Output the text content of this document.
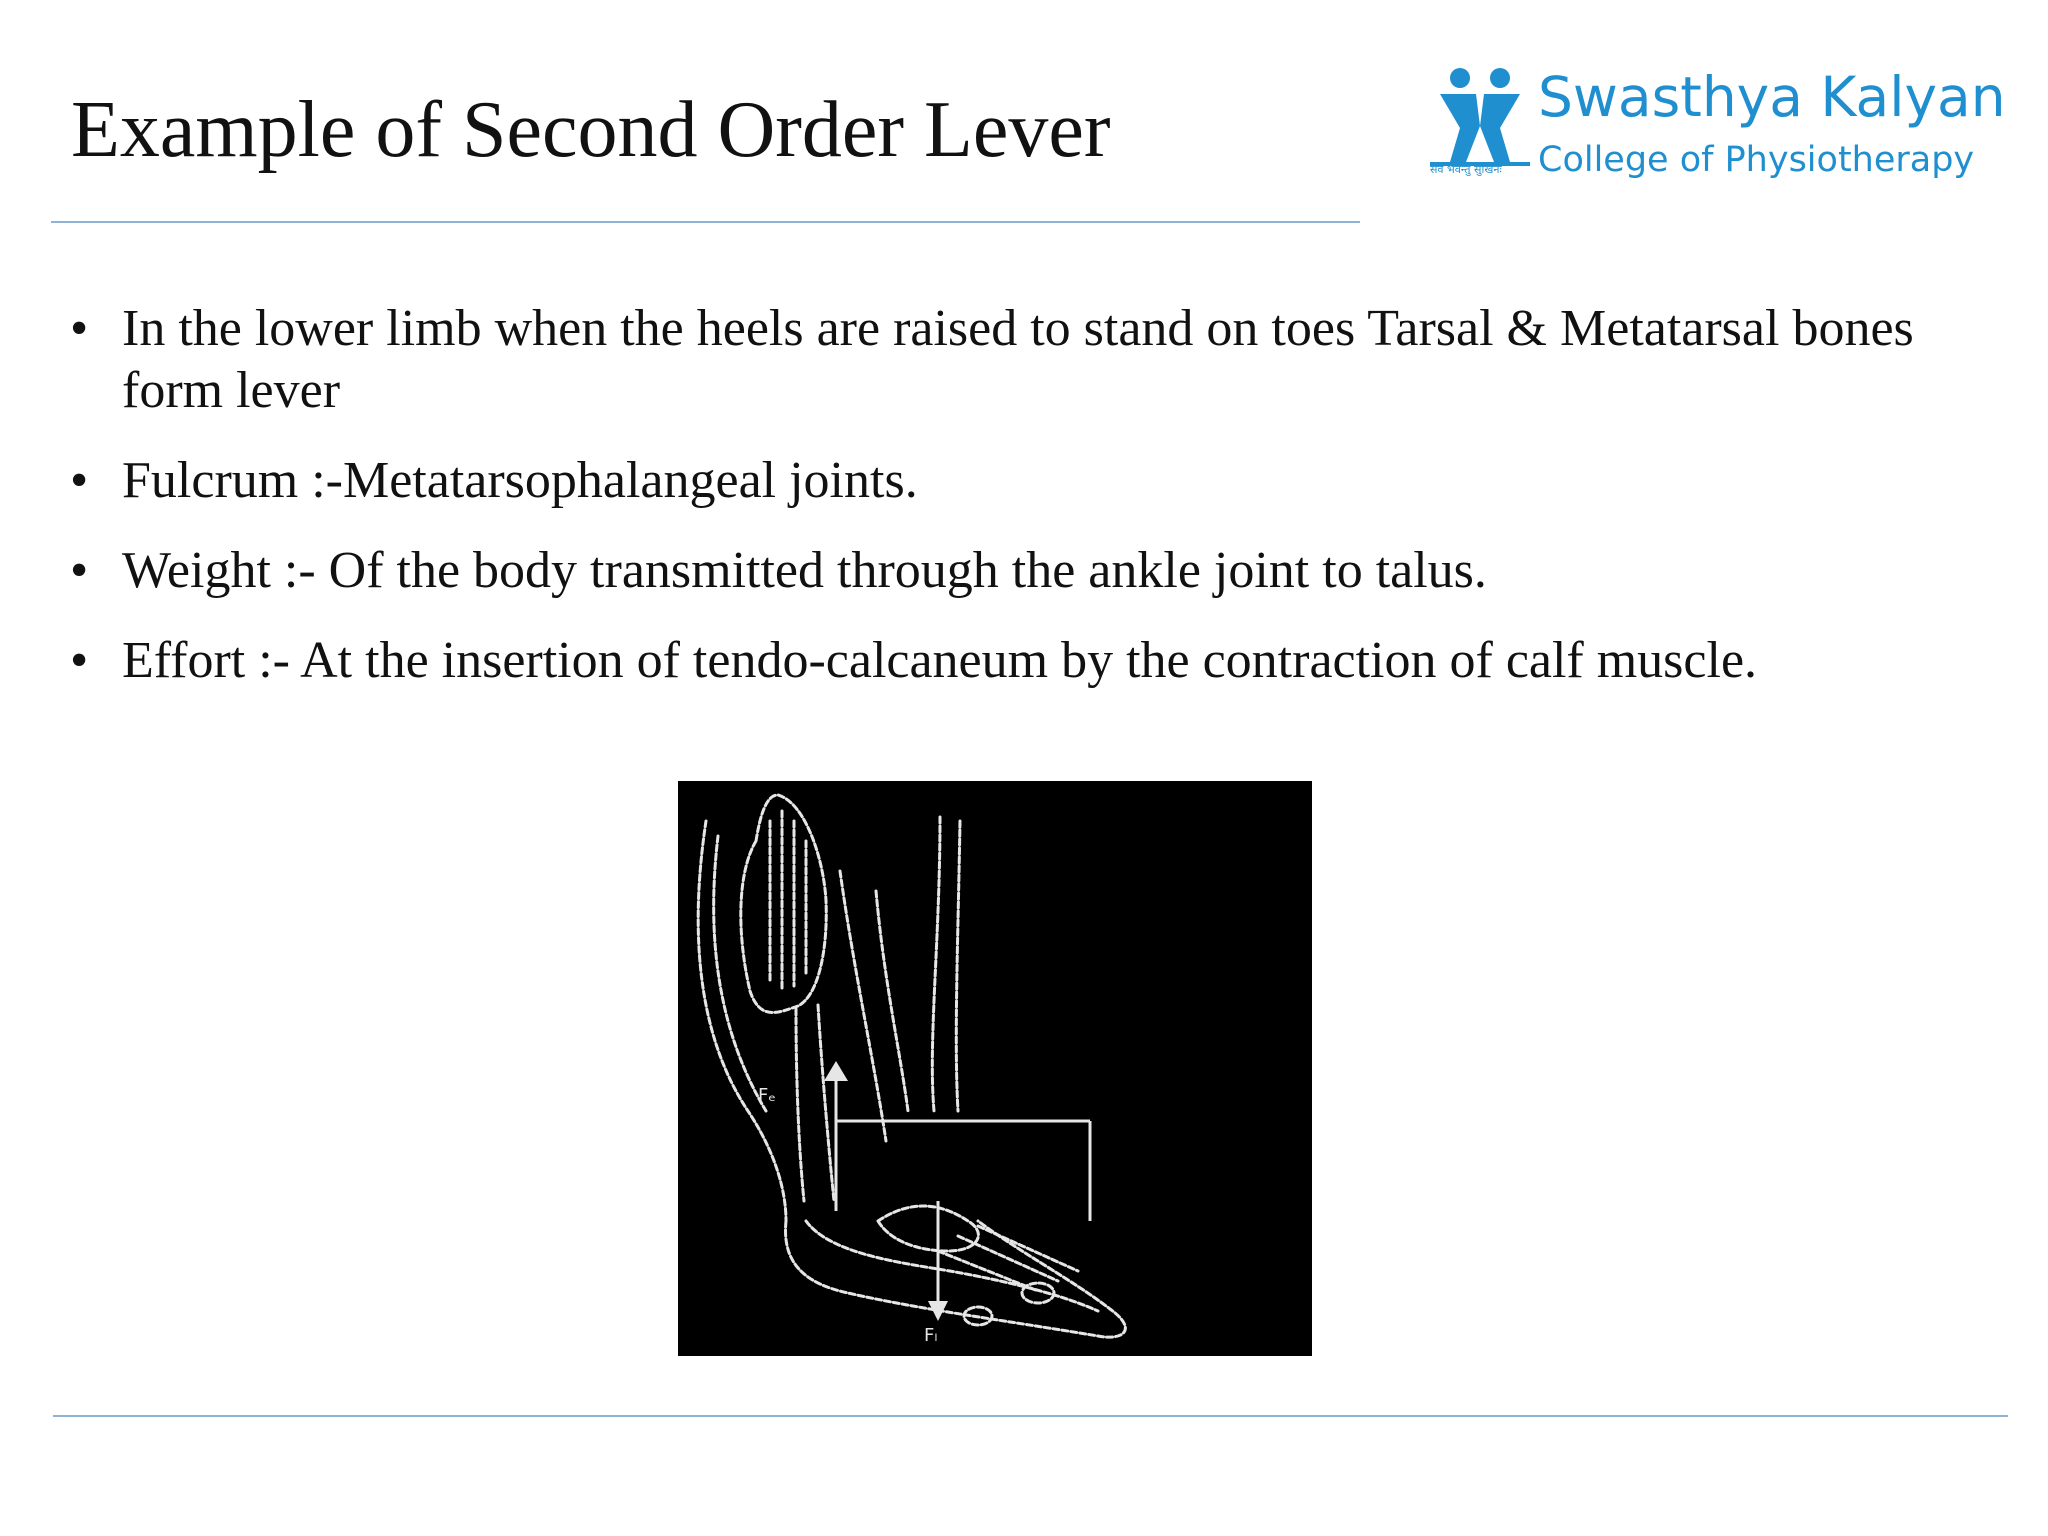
Example of Second Order Lever	Swasthya Kalyan
College of Physiotherapy
सर्वे भवन्तु सुखिनः
• In the lower limb when the heels are raised to stand on toes Tarsal & Metatarsal bones form lever
• Fulcrum :-Metatarsophalangeal joints.
• Weight :- Of the body transmitted through the ankle joint to talus.
• Effort :- At the insertion of tendo-calcaneum by the contraction of calf muscle.
Fₑ
Fₗ
